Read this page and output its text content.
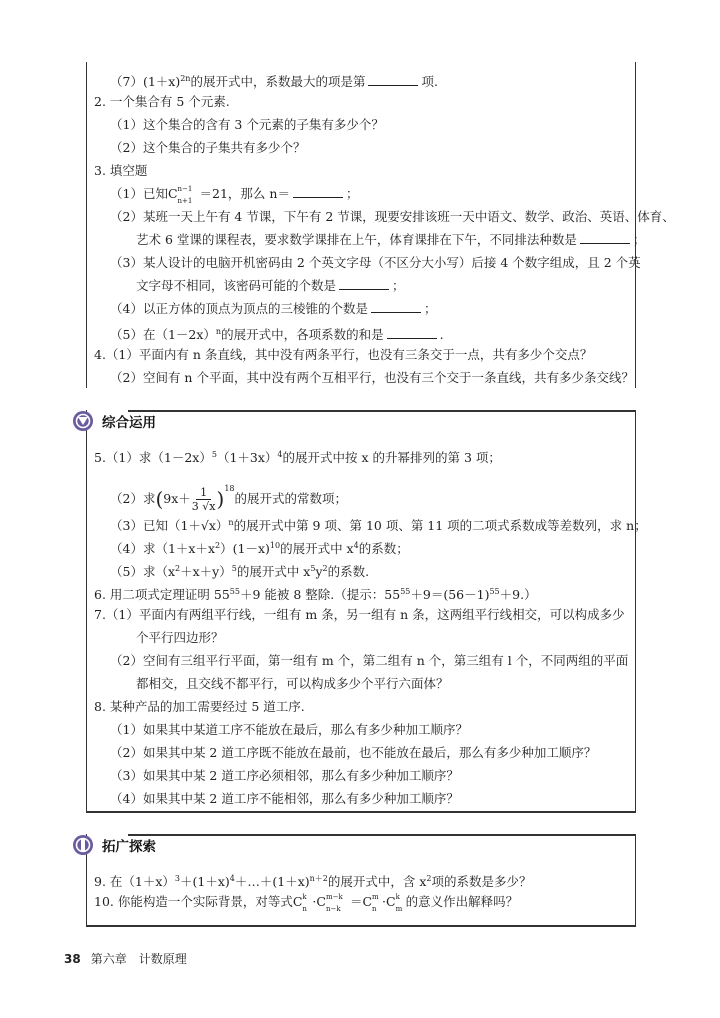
$(7)(1+x)^{2n}$的展开式中，系数最大的项是第	项.
2. 一个集合有 5 个元素.
（1）这个集合的含有 3 个元素的子集有多少个？
（2）这个集合的子集共有多少个？
3. 填空题
（1）已知C n−1
n+1 ＝21，那么 n＝	；
（2）某班一天上午有 4 节课，下午有 2 节课，现要安排该班一天中语文、数学、政治、英语、体育、
艺术 6 堂课的课程表，要求数学课排在上午，体育课排在下午，不同排法种数是	；
（3）某人设计的电脑开机密码由 2 个英文字母（不区分大小写）后接 4 个数字组成，且 2 个英
文字母不相同，该密码可能的个数是	；
（4）以正方体的顶点为顶点的三棱锥的个数是	；
（5）在$(1-2x)^n$的展开式中，各项系数的和是	.
4.（1）平面内有 n 条直线，其中没有两条平行，也没有三条交于一点，共有多少个交点？
（2）空间有 n 个平面，其中没有两个互相平行，也没有三个交于一条直线，共有多少条交线？
综合运用
5.（1）求$(1-2x)^5(1+3x)^4$的展开式中按 x 的升幂排列的第 3 项；
（2）求$(9x+ \frac{1}{3 √x} )^{18}$的展开式的常数项；
（3）已知$(1+√x)^n$的展开式中第 9 项、第 10 项、第 11 项的二项式系数成等差数列，求 n；
（4）求$(1+x+x^2)(1-x)^{10}$的展开式中 $x^4$的系数；
（5）求$(x^2+x+y)^5$的展开式中 $x^5y^2$的系数.
6. 用二项式定理证明 $55^{55}+9$ 能被 8 整除.（提示：$55^{55}+9=(56-1)^{55}+9$.）
7.（1）平面内有两组平行线，一组有 m 条，另一组有 n 条，这两组平行线相交，可以构成多少
个平行四边形？
（2）空间有三组平行平面，第一组有 m 个，第二组有 n 个，第三组有 l 个，不同两组的平面
都相交，且交线不都平行，可以构成多少个平行六面体？
8. 某种产品的加工需要经过 5 道工序.
（1）如果其中某道工序不能放在最后，那么有多少种加工顺序？
（2）如果其中某 2 道工序既不能放在最前，也不能放在最后，那么有多少种加工顺序？
（3）如果其中某 2 道工序必须相邻，那么有多少种加工顺序？
（4）如果其中某 2 道工序不能相邻，那么有多少种加工顺序？
拓广探索
9. 在$(1+x)^3+(1+x)^4+\dots+(1+x)^{n+2}$的展开式中，含 $x^2$项的系数是多少？
10. 你能构造一个实际背景，对等式C k
n ·C m−k
n−k ＝C m
n ·C k
m 的意义作出解释吗？
38 第六章　计数原理
